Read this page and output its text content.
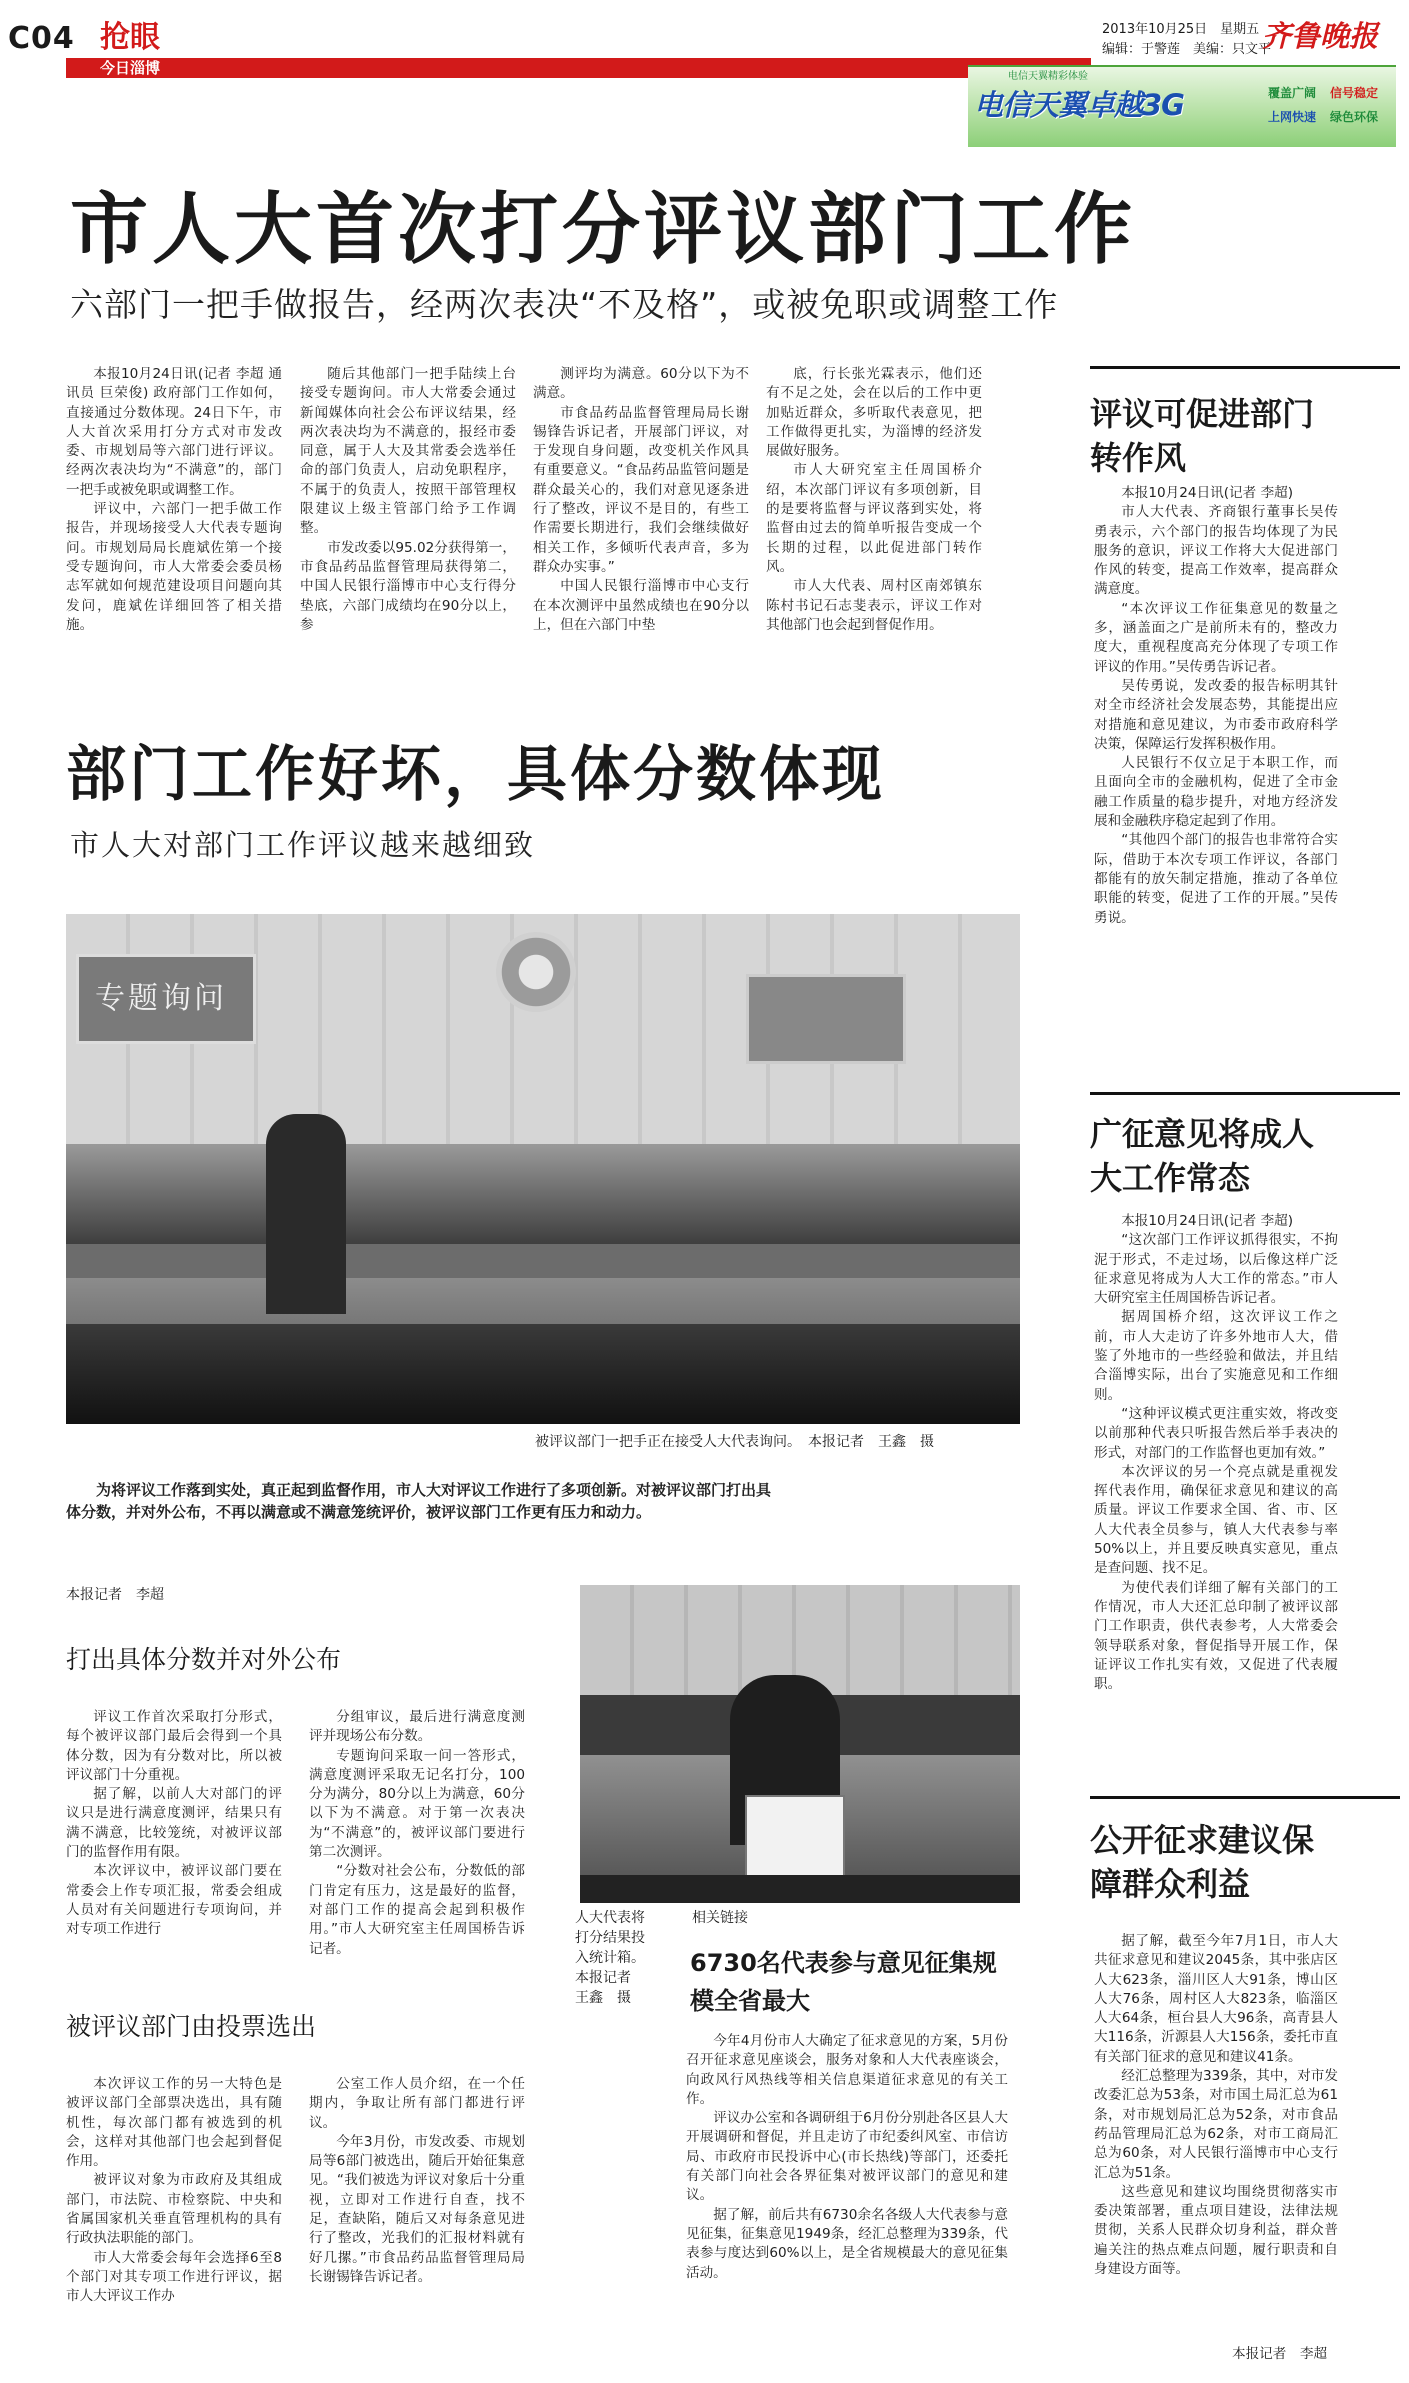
C04 抢眼
今日淄博
2013年10月25日　星期五
编辑：于警莲　美编：只文平
齐鲁晚报
电信天翼精彩体验
电信天翼卓越3G	覆盖广阔 信号稳定
上网快速 绿色环保
市人大首次打分评议部门工作
六部门一把手做报告，经两次表决“不及格”，或被免职或调整工作

本报10月24日讯(记者 李超 通讯员 巨荣俊) 政府部门工作如何，直接通过分数体现。24日下午，市人大首次采用打分方式对市发改委、市规划局等六部门进行评议。经两次表决均为“不满意”的，部门一把手或被免职或调整工作。

评议中，六部门一把手做工作报告，并现场接受人大代表专题询问。市规划局局长鹿斌佐第一个接受专题询问，市人大常委会委员杨志军就如何规范建设项目问题向其发问，鹿斌佐详细回答了相关措施。

随后其他部门一把手陆续上台接受专题询问。市人大常委会通过新闻媒体向社会公布评议结果，经两次表决均为不满意的，报经市委同意，属于人大及其常委会选举任命的部门负责人，启动免职程序，不属于的负责人，按照干部管理权限建议上级主管部门给予工作调整。

市发改委以95.02分获得第一，市食品药品监督管理局获得第二，中国人民银行淄博市中心支行得分垫底，六部门成绩均在90分以上，参

测评均为满意。60分以下为不满意。

市食品药品监督管理局局长谢锡锋告诉记者，开展部门评议，对于发现自身问题，改变机关作风具有重要意义。“食品药品监管问题是群众最关心的，我们对意见逐条进行了整改，评议不是目的，有些工作需要长期进行，我们会继续做好相关工作，多倾听代表声音，多为群众办实事。”

中国人民银行淄博市中心支行在本次测评中虽然成绩也在90分以上，但在六部门中垫

底，行长张光霖表示，他们还有不足之处，会在以后的工作中更加贴近群众，多听取代表意见，把工作做得更扎实，为淄博的经济发展做好服务。

市人大研究室主任周国桥介绍，本次部门评议有多项创新，目的是要将监督与评议落到实处，将监督由过去的简单听报告变成一个长期的过程，以此促进部门转作风。

市人大代表、周村区南郊镇东陈村书记石志斐表示，评议工作对其他部门也会起到督促作用。

部门工作好坏，具体分数体现
市人大对部门工作评议越来越细致
专题询问
被评议部门一把手正在接受人大代表询问。　本报记者　王鑫　摄
为将评议工作落到实处，真正起到监督作用，市人大对评议工作进行了多项创新。对被评议部门打出具体分数，并对外公布，不再以满意或不满意笼统评价，被评议部门工作更有压力和动力。
本报记者　李超
打出具体分数并对外公布

评议工作首次采取打分形式，每个被评议部门最后会得到一个具体分数，因为有分数对比，所以被评议部门十分重视。

据了解，以前人大对部门的评议只是进行满意度测评，结果只有满不满意，比较笼统，对被评议部门的监督作用有限。

本次评议中，被评议部门要在常委会上作专项汇报，常委会组成人员对有关问题进行专项询问，并对专项工作进行

分组审议，最后进行满意度测评并现场公布分数。

专题询问采取一问一答形式，满意度测评采取无记名打分，100分为满分，80分以上为满意，60分以下为不满意。对于第一次表决为“不满意”的，被评议部门要进行第二次测评。

“分数对社会公布，分数低的部门肯定有压力，这是最好的监督，对部门工作的提高会起到积极作用。”市人大研究室主任周国桥告诉记者。

被评议部门由投票选出

本次评议工作的另一大特色是被评议部门全部票决选出，具有随机性，每次部门都有被选到的机会，这样对其他部门也会起到督促作用。

被评议对象为市政府及其组成部门，市法院、市检察院、中央和省属国家机关垂直管理机构的具有行政执法职能的部门。

市人大常委会每年会选择6至8个部门对其专项工作进行评议，据市人大评议工作办

公室工作人员介绍，在一个任期内，争取让所有部门都进行评议。

今年3月份，市发改委、市规划局等6部门被选出，随后开始征集意见。“我们被选为评议对象后十分重视，立即对工作进行自查，找不足，查缺陷，随后又对每条意见进行了整改，光我们的汇报材料就有好几摞。”市食品药品监督管理局局长谢锡锋告诉记者。

人大代表将打分结果投入统计箱。　本报记者　王鑫　摄
相关链接
6730名代表参与意见征集规模全省最大

今年4月份市人大确定了征求意见的方案，5月份召开征求意见座谈会，服务对象和人大代表座谈会，向政风行风热线等相关信息渠道征求意见的有关工作。

评议办公室和各调研组于6月份分别赴各区县人大开展调研和督促，并且走访了市纪委纠风室、市信访局、市政府市民投诉中心(市长热线)等部门，还委托有关部门向社会各界征集对被评议部门的意见和建议。

据了解，前后共有6730余名各级人大代表参与意见征集，征集意见1949条，经汇总整理为339条，代表参与度达到60%以上，是全省规模最大的意见征集活动。

评议可促进部门转作风

本报10月24日讯(记者 李超)

市人大代表、齐商银行董事长吴传勇表示，六个部门的报告均体现了为民服务的意识，评议工作将大大促进部门作风的转变，提高工作效率，提高群众满意度。

“本次评议工作征集意见的数量之多，涵盖面之广是前所未有的，整改力度大，重视程度高充分体现了专项工作评议的作用。”吴传勇告诉记者。

吴传勇说，发改委的报告标明其针对全市经济社会发展态势，其能提出应对措施和意见建议，为市委市政府科学决策，保障运行发挥积极作用。

人民银行不仅立足于本职工作，而且面向全市的金融机构，促进了全市金融工作质量的稳步提升，对地方经济发展和金融秩序稳定起到了作用。

“其他四个部门的报告也非常符合实际，借助于本次专项工作评议，各部门都能有的放矢制定措施，推动了各单位职能的转变，促进了工作的开展。”吴传勇说。

广征意见将成人大工作常态

本报10月24日讯(记者 李超)

“这次部门工作评议抓得很实，不拘泥于形式，不走过场，以后像这样广泛征求意见将成为人大工作的常态。”市人大研究室主任周国桥告诉记者。

据周国桥介绍，这次评议工作之前，市人大走访了许多外地市人大，借鉴了外地市的一些经验和做法，并且结合淄博实际，出台了实施意见和工作细则。

“这种评议模式更注重实效，将改变以前那种代表只听报告然后举手表决的形式，对部门的工作监督也更加有效。”

本次评议的另一个亮点就是重视发挥代表作用，确保征求意见和建议的高质量。评议工作要求全国、省、市、区人大代表全员参与，镇人大代表参与率50%以上，并且要反映真实意见，重点是查问题、找不足。

为使代表们详细了解有关部门的工作情况，市人大还汇总印制了被评议部门工作职责，供代表参考，人大常委会领导联系对象，督促指导开展工作，保证评议工作扎实有效，又促进了代表履职。

公开征求建议保障群众利益

据了解，截至今年7月1日，市人大共征求意见和建议2045条，其中张店区人大623条，淄川区人大91条，博山区人大76条，周村区人大823条，临淄区人大64条，桓台县人大96条，高青县人大116条，沂源县人大156条，委托市直有关部门征求的意见和建议41条。

经汇总整理为339条，其中，对市发改委汇总为53条，对市国土局汇总为61条，对市规划局汇总为52条，对市食品药品管理局汇总为62条，对市工商局汇总为60条，对人民银行淄博市中心支行汇总为51条。

这些意见和建议均围绕贯彻落实市委决策部署，重点项目建设，法律法规贯彻，关系人民群众切身利益，群众普遍关注的热点难点问题，履行职责和自身建设方面等。

本报记者　李超
